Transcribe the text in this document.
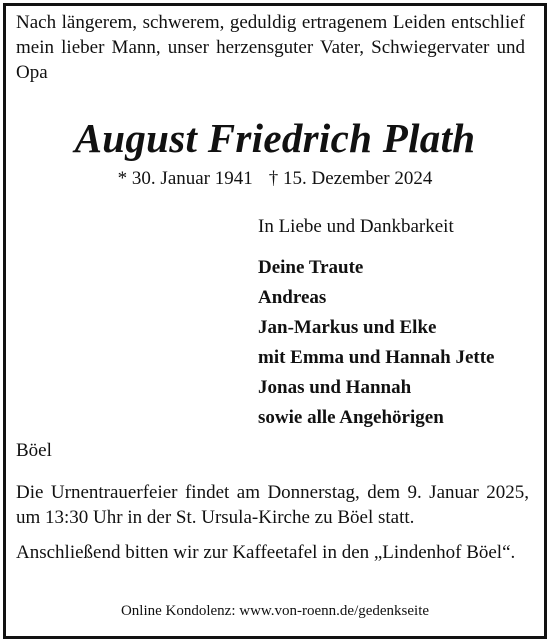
Nach längerem, schwerem, geduldig ertragenem Leiden entschlief mein lieber Mann, unser herzensguter Vater, Schwiegervater und Opa
August Friedrich Plath
* 30. Januar 1941 † 15. Dezember 2024
In Liebe und Dankbarkeit
Deine Traute
Andreas
Jan-Markus und Elke
mit Emma und Hannah Jette
Jonas und Hannah
sowie alle Angehörigen
Böel
Die Urnentrauerfeier findet am Donnerstag, dem 9. Januar 2025, um 13:30 Uhr in der St. Ursula-Kirche zu Böel statt.
Anschließend bitten wir zur Kaffeetafel in den „Lindenhof Böel“.
Online Kondolenz: www.von-roenn.de/gedenkseite
